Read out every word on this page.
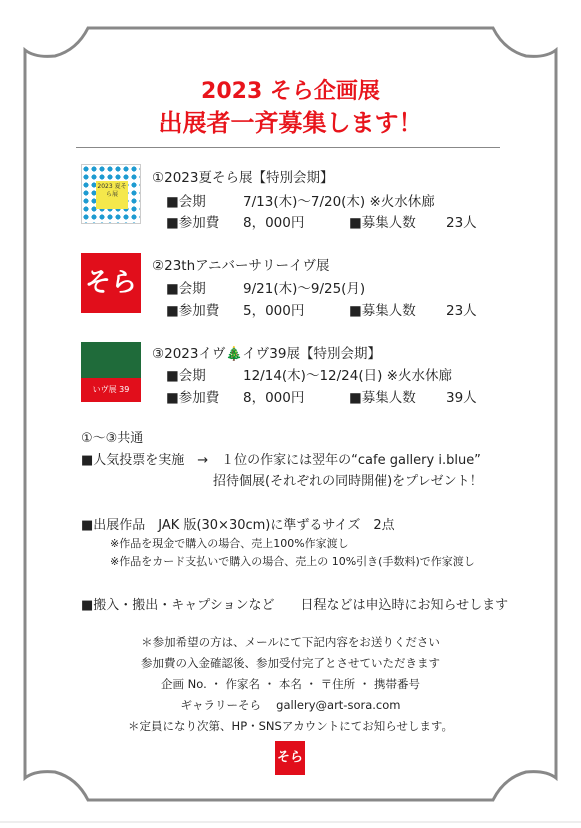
2023 そら企画展
出展者一斉募集します！
2023 夏そら展
①2023夏そら展【特別会期】
■会期	7/13(木)～7/20(木) ※火水休廊
■参加費 8，000円	■募集人数 23人
そら
②23thアニバーサリーイヴ展
■会期	9/21(木)～9/25(月)
■参加費 5，000円	■募集人数 23人
いヴ展 39
③2023イヴ🎄イヴ39展【特別会期】
■会期	12/14(木)～12/24(日) ※火水休廊
■参加費 8，000円	■募集人数 39人
①～③共通
■人気投票を実施　→　１位の作家には翌年の“cafe gallery i.blue”
招待個展(それぞれの同時開催)をプレゼント！
■出展作品　JAK 版(30×30cm)に準ずるサイズ　2点
※作品を現金で購入の場合、売上100%作家渡し
※作品をカード支払いで購入の場合、売上の 10%引き(手数料)で作家渡し
■搬入・搬出・キャプションなど　　日程などは申込時にお知らせします
＊参加希望の方は、メールにて下記内容をお送りください
参加費の入金確認後、参加受付完了とさせていただきます
企画 No. ・ 作家名 ・ 本名 ・ 〒住所 ・ 携帯番号
ギャラリーそら　 gallery@art-sora.com
＊定員になり次第、HP・SNSアカウントにてお知らせします。
そら
